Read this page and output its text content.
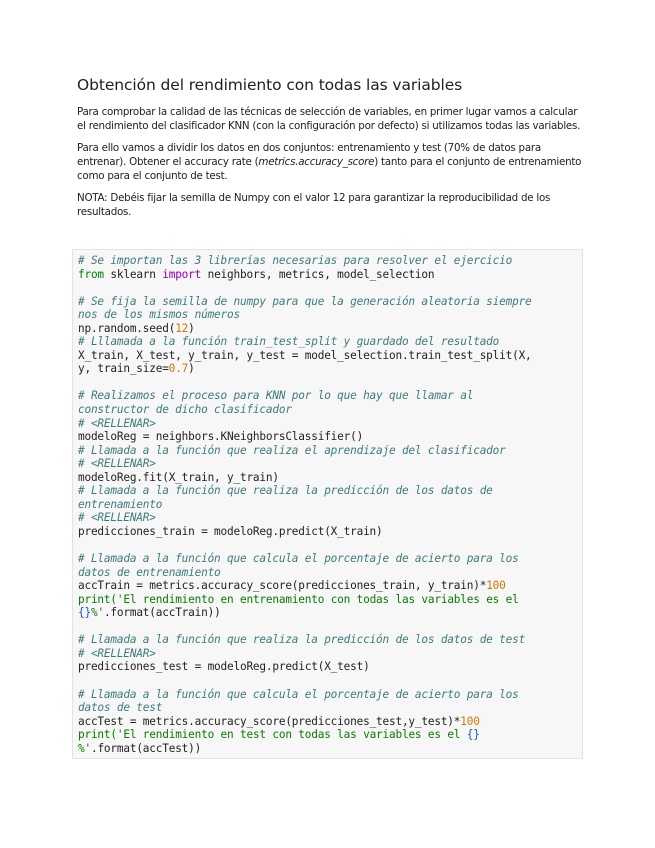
Obtención del rendimiento con todas las variables

Para comprobar la calidad de las técnicas de selección de variables, en primer lugar vamos a calcular el rendimiento del clasificador KNN (con la configuración por defecto) si utilizamos todas las variables.

Para ello vamos a dividir los datos en dos conjuntos: entrenamiento y test (70% de datos para entrenar). Obtener el accuracy rate (metrics.accuracy_score) tanto para el conjunto de entrenamiento como para el conjunto de test.

NOTA: Debéis fijar la semilla de Numpy con el valor 12 para garantizar la reproducibilidad de los resultados.

# Se importan las 3 librerías necesarias para resolver el ejercicio
from sklearn import neighbors, metrics, model_selection
# Se fija la semilla de numpy para que la generación aleatoria siempre
nos de los mismos números
np.random.seed(12)
# Lllamada a la función train_test_split y guardado del resultado
X_train, X_test, y_train, y_test = model_selection.train_test_split(X,
y, train_size=0.7)
# Realizamos el proceso para KNN por lo que hay que llamar al
constructor de dicho clasificador
# <RELLENAR>
modeloReg = neighbors.KNeighborsClassifier()
# Llamada a la función que realiza el aprendizaje del clasificador
# <RELLENAR>
modeloReg.fit(X_train, y_train)
# Llamada a la función que realiza la predicción de los datos de
entrenamiento
# <RELLENAR>
predicciones_train = modeloReg.predict(X_train)
# Llamada a la función que calcula el porcentaje de acierto para los
datos de entrenamiento
accTrain = metrics.accuracy_score(predicciones_train, y_train)*100
print('El rendimiento en entrenamiento con todas las variables es el
{}%'.format(accTrain))
# Llamada a la función que realiza la predicción de los datos de test
# <RELLENAR>
predicciones_test = modeloReg.predict(X_test)
# Llamada a la función que calcula el porcentaje de acierto para los
datos de test
accTest = metrics.accuracy_score(predicciones_test,y_test)*100
print('El rendimiento en test con todas las variables es el {}
%'.format(accTest))
